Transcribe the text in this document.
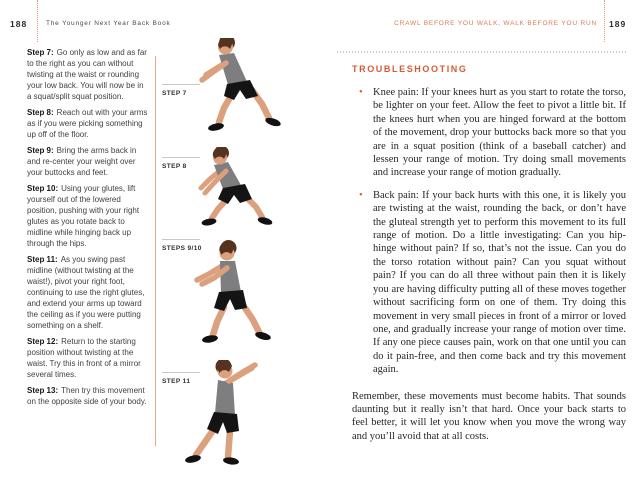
188	The Younger Next Year Back Book	CRAWL BEFORE YOU WALK, WALK BEFORE YOU RUN 189

Step 7: Go only as low and as far to the right as you can without twisting at the waist or rounding your low back. You will now be in a squat/split squat position.

Step 8: Reach out with your arms as if you were picking something up off of the floor.

Step 9: Bring the arms back in and re-center your weight over your buttocks and feet.

Step 10: Using your glutes, lift yourself out of the lowered position, pushing with your right glutes as you rotate back to midline while hinging back up through the hips.

Step 11: As you swing past midline (without twisting at the waist!), pivot your right foot, continuing to use the right glutes, and extend your arms up toward the ceiling as if you were putting something on a shelf.

Step 12: Return to the starting position without twisting at the waist. Try this in front of a mirror several times.

Step 13: Then try this movement on the opposite side of your body.

STEP 7
STEP 8
STEPS 9/10
STEP 11
TROUBLESHOOTING
• Knee pain: If your knees hurt as you start to rotate the torso, be lighter on your feet. Allow the feet to pivot a little bit. If the knees hurt when you are hinged forward at the bottom of the movement, drop your buttocks back more so that you are in a squat position (think of a baseball catcher) and lessen your range of motion. Try doing small movements and increase your range of motion gradually.
• Back pain: If your back hurts with this one, it is likely you are twisting at the waist, rounding the back, or don’t have the gluteal strength yet to perform this movement to its full range of motion. Do a little investigating: Can you hip-hinge without pain? If so, that’s not the issue. Can you do the torso rotation without pain? Can you squat without pain? If you can do all three without pain then it is likely you are having difficulty putting all of these moves together without sacrificing form on one of them. Try doing this movement in very small pieces in front of a mirror or loved one, and gradually increase your range of motion over time. If any one piece causes pain, work on that one until you can do it pain-free, and then come back and try this movement again.

Remember, these movements must become habits. That sounds daunting but it really isn’t that hard. Once your back starts to feel better, it will let you know when you move the wrong way and you’ll avoid that at all costs.
